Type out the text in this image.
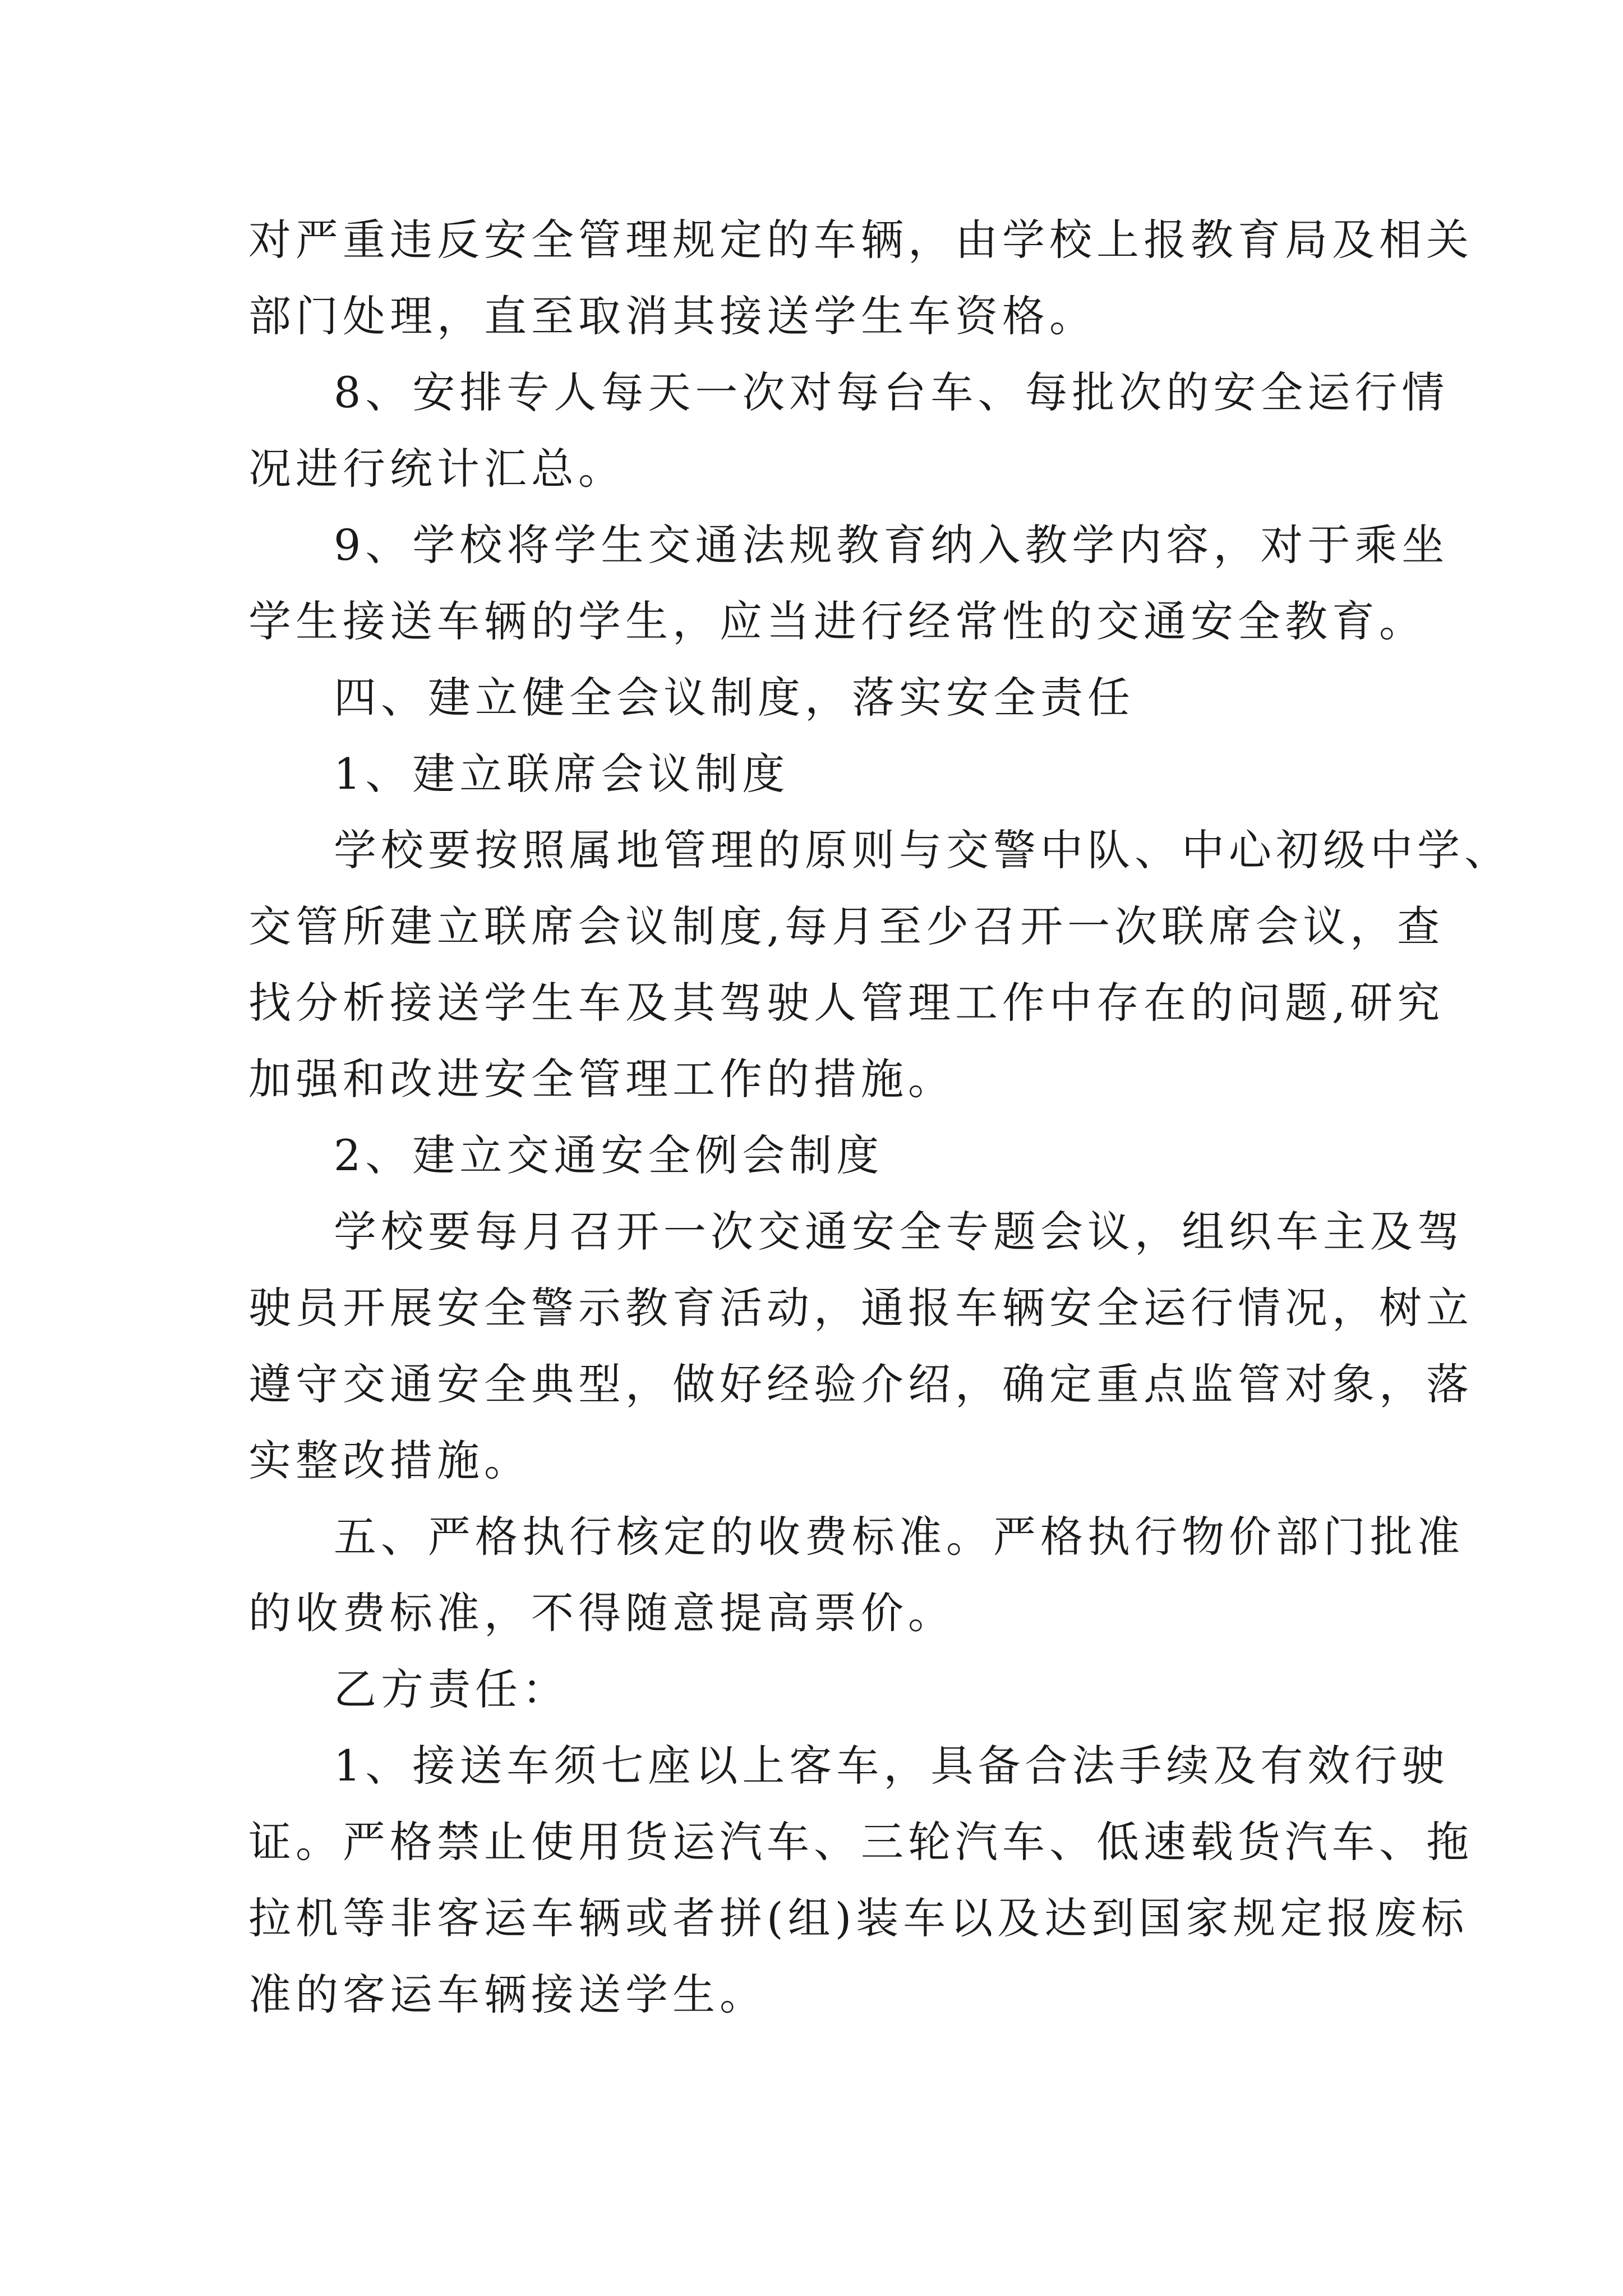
对严重违反安全管理规定的车辆，由学校上报教育局及相关
部门处理，直至取消其接送学生车资格。
8、安排专人每天一次对每台车、每批次的安全运行情
况进行统计汇总。
9、学校将学生交通法规教育纳入教学内容，对于乘坐
学生接送车辆的学生，应当进行经常性的交通安全教育。
四、建立健全会议制度，落实安全责任
1、建立联席会议制度
学校要按照属地管理的原则与交警中队、中心初级中学、
交管所建立联席会议制度,每月至少召开一次联席会议，查
找分析接送学生车及其驾驶人管理工作中存在的问题,研究
加强和改进安全管理工作的措施。
2、建立交通安全例会制度
学校要每月召开一次交通安全专题会议，组织车主及驾
驶员开展安全警示教育活动，通报车辆安全运行情况，树立
遵守交通安全典型，做好经验介绍，确定重点监管对象，落
实整改措施。
五、严格执行核定的收费标准。严格执行物价部门批准
的收费标准，不得随意提高票价。
乙方责任：
1、接送车须七座以上客车，具备合法手续及有效行驶
证。严格禁止使用货运汽车、三轮汽车、低速载货汽车、拖
拉机等非客运车辆或者拼(组)装车以及达到国家规定报废标
准的客运车辆接送学生。
